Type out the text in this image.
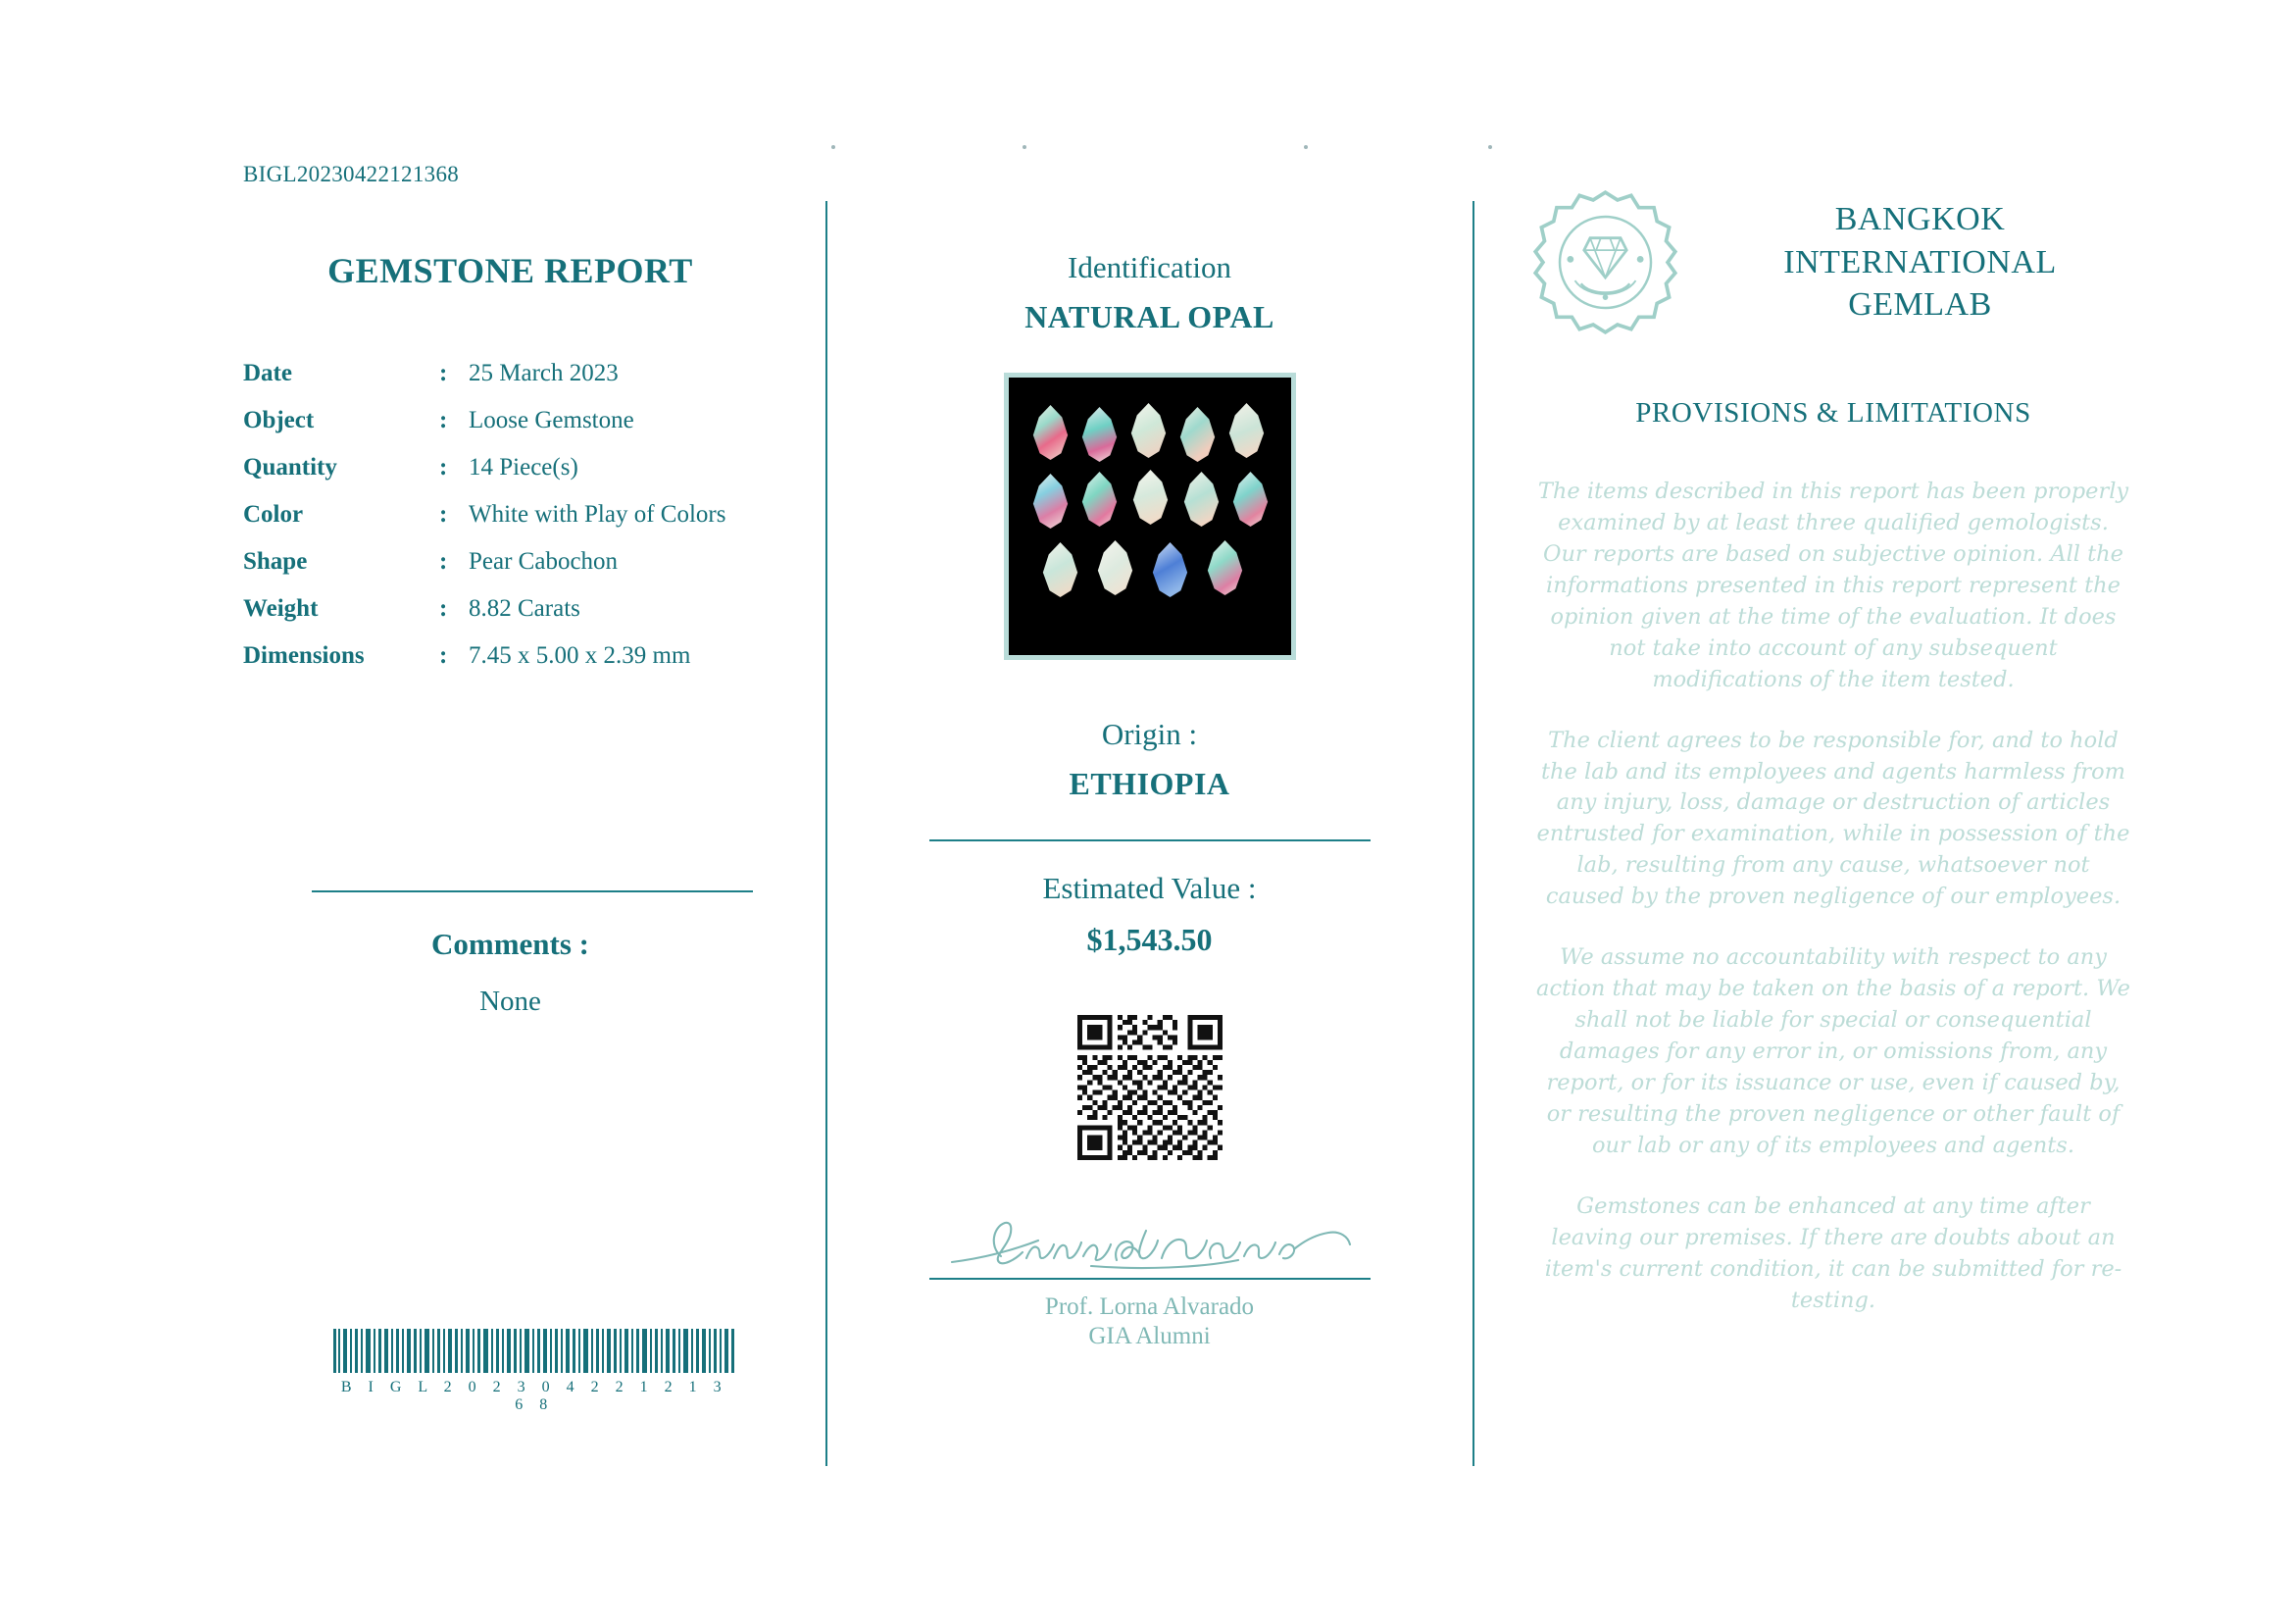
BIGL20230422121368
GEMSTONE REPORT
Date	:	25 March 2023
Object	:	Loose Gemstone
Quantity	:	14 Piece(s)
Color	:	White with Play of Colors
Shape	:	Pear Cabochon
Weight	:	8.82 Carats
Dimensions	:	7.45 x 5.00 x 2.39 mm
Comments :
None
B I G L 2 0 2 3 0 4 2 2 1 2 1 3 6 8
Identification
NATURAL OPAL
Origin :
ETHIOPIA
Estimated Value :
$1,543.50
Prof. Lorna Alvarado
GIA Alumni
BANGKOK
INTERNATIONAL
GEMLAB
PROVISIONS & LIMITATIONS

The items described in this report has been properly examined by at least three qualified gemologists. Our reports are based on subjective opinion. All the informations presented in this report represent the opinion given at the time of the evaluation. It does not take into account of any subsequent modifications of the item tested.

The client agrees to be responsible for, and to hold the lab and its employees and agents harmless from any injury, loss, damage or destruction of articles entrusted for examination, while in possession of the lab, resulting from any cause, whatsoever not caused by the proven negligence of our employees.

We assume no accountability with respect to any action that may be taken on the basis of a report. We shall not be liable for special or consequential damages for any error in, or omissions from, any report, or for its issuance or use, even if caused by, or resulting the proven negligence or other fault of our lab or any of its employees and agents.

Gemstones can be enhanced at any time after leaving our premises. If there are doubts about an item's current condition, it can be submitted for re-testing.
